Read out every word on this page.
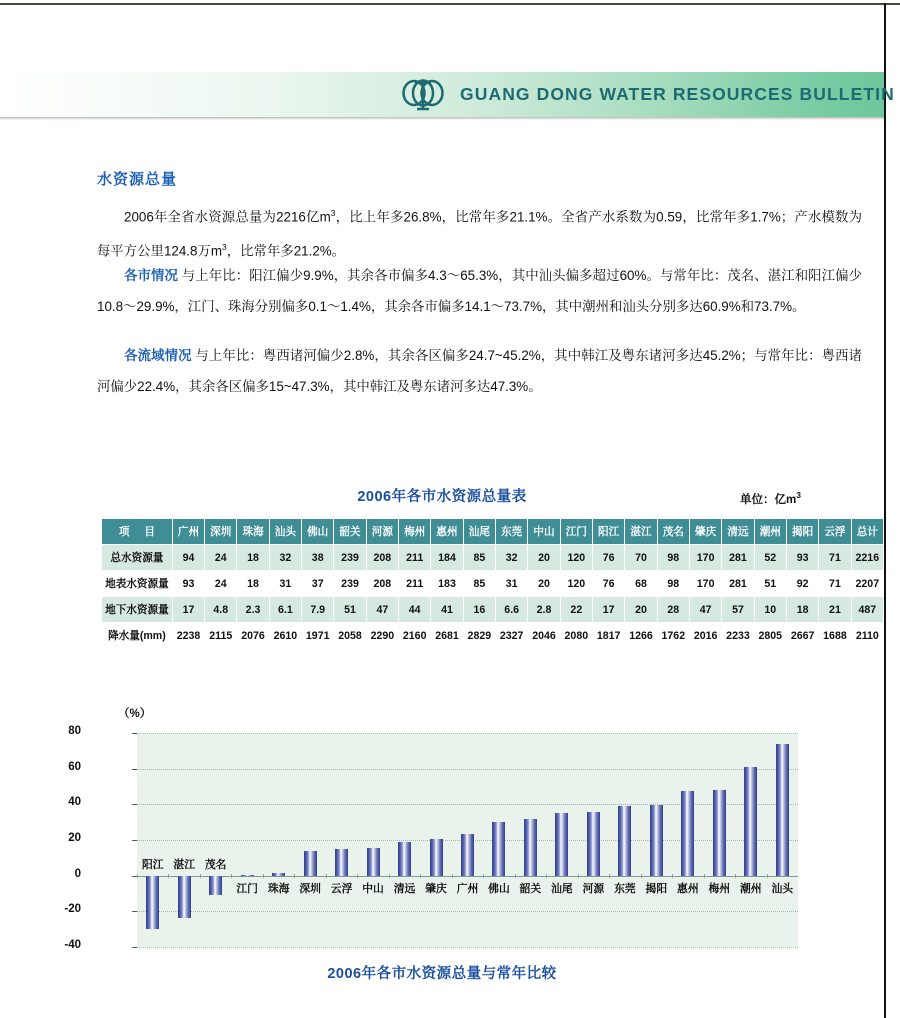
GUANG DONG WATER RESOURCES BULLETIN
水资源总量
2006年全省水资源总量为2216亿$m^3$，比上年多26.8%，比常年多21.1%。全省产水系数为0.59，比常年多1.7%；产水模数为每平方公里124.8万$m^3$，比常年多21.2%。
各市情况 与上年比：阳江偏少9.9%，其余各市偏多4.3～65.3%，其中汕头偏多超过60%。与常年比：茂名、湛江和阳江偏少10.8～29.9%，江门、珠海分别偏多0.1～1.4%，其余各市偏多14.1～73.7%，其中潮州和汕头分别多达60.9%和73.7%。
各流域情况 与上年比：粤西诸河偏少2.8%，其余各区偏多24.7~45.2%，其中韩江及粤东诸河多达45.2%；与常年比：粤西诸河偏少22.4%，其余各区偏多15~47.3%，其中韩江及粤东诸河多达47.3%。
2006年各市水资源总量表	单位：亿$m^3$
项 目	广州	深圳	珠海	汕头	佛山	韶关	河源	梅州	惠州	汕尾	东莞	中山	江门	阳江	湛江	茂名	肇庆	清远	潮州	揭阳	云浮	总计
总水资源量	94	24	18	32	38	239	208	211	184	85	32	20	120	76	70	98	170	281	52	93	71	2216
地表水资源量	93	24	18	31	37	239	208	211	183	85	31	20	120	76	68	98	170	281	51	92	71	2207
地下水资源量	17	4.8	2.3	6.1	7.9	51	47	44	41	16	6.6	2.8	22	17	20	28	47	57	10	18	21	487
降水量(mm)	2238	2115	2076	2610	1971	2058	2290	2160	2681	2829	2327	2046	2080	1817	1266	1762	2016	2233	2805	2667	1688	2110
（%）
阳江 湛江 茂名
江门 珠海 深圳 云浮 中山 清远 肇庆 广州 佛山 韶关 汕尾 河源 东莞 揭阳 惠州 梅州 潮州 汕头
80
60
40
20
0
-20
-40
2006年各市水资源总量与常年比较
